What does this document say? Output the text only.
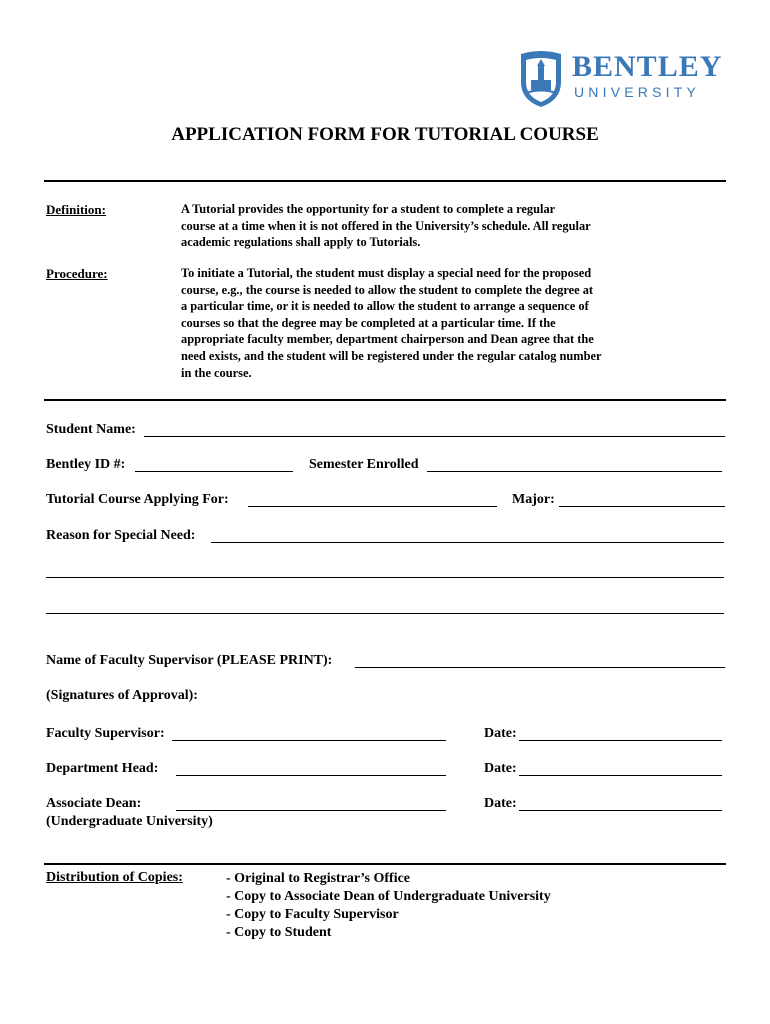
BENTLEY
UNIVERSITY
APPLICATION FORM FOR TUTORIAL COURSE
Definition:	A Tutorial provides the opportunity for a student to complete a regular
course at a time when it is not offered in the University’s schedule. All regular
academic regulations shall apply to Tutorials.
Procedure:	To initiate a Tutorial, the student must display a special need for the proposed
course, e.g., the course is needed to allow the student to complete the degree at
a particular time, or it is needed to allow the student to arrange a sequence of
courses so that the degree may be completed at a particular time. If the
appropriate faculty member, department chairperson and Dean agree that the
need exists, and the student will be registered under the regular catalog number
in the course.
Student Name:
Bentley ID #:	Semester Enrolled
Tutorial Course Applying For:	Major:
Reason for Special Need:
Name of Faculty Supervisor (PLEASE PRINT):
(Signatures of Approval):
Faculty Supervisor:	Date:
Department Head:	Date:
Associate Dean:	Date:
(Undergraduate University)
Distribution of Copies:	- Original to Registrar’s Office
- Copy to Associate Dean of Undergraduate University
- Copy to Faculty Supervisor
- Copy to Student
